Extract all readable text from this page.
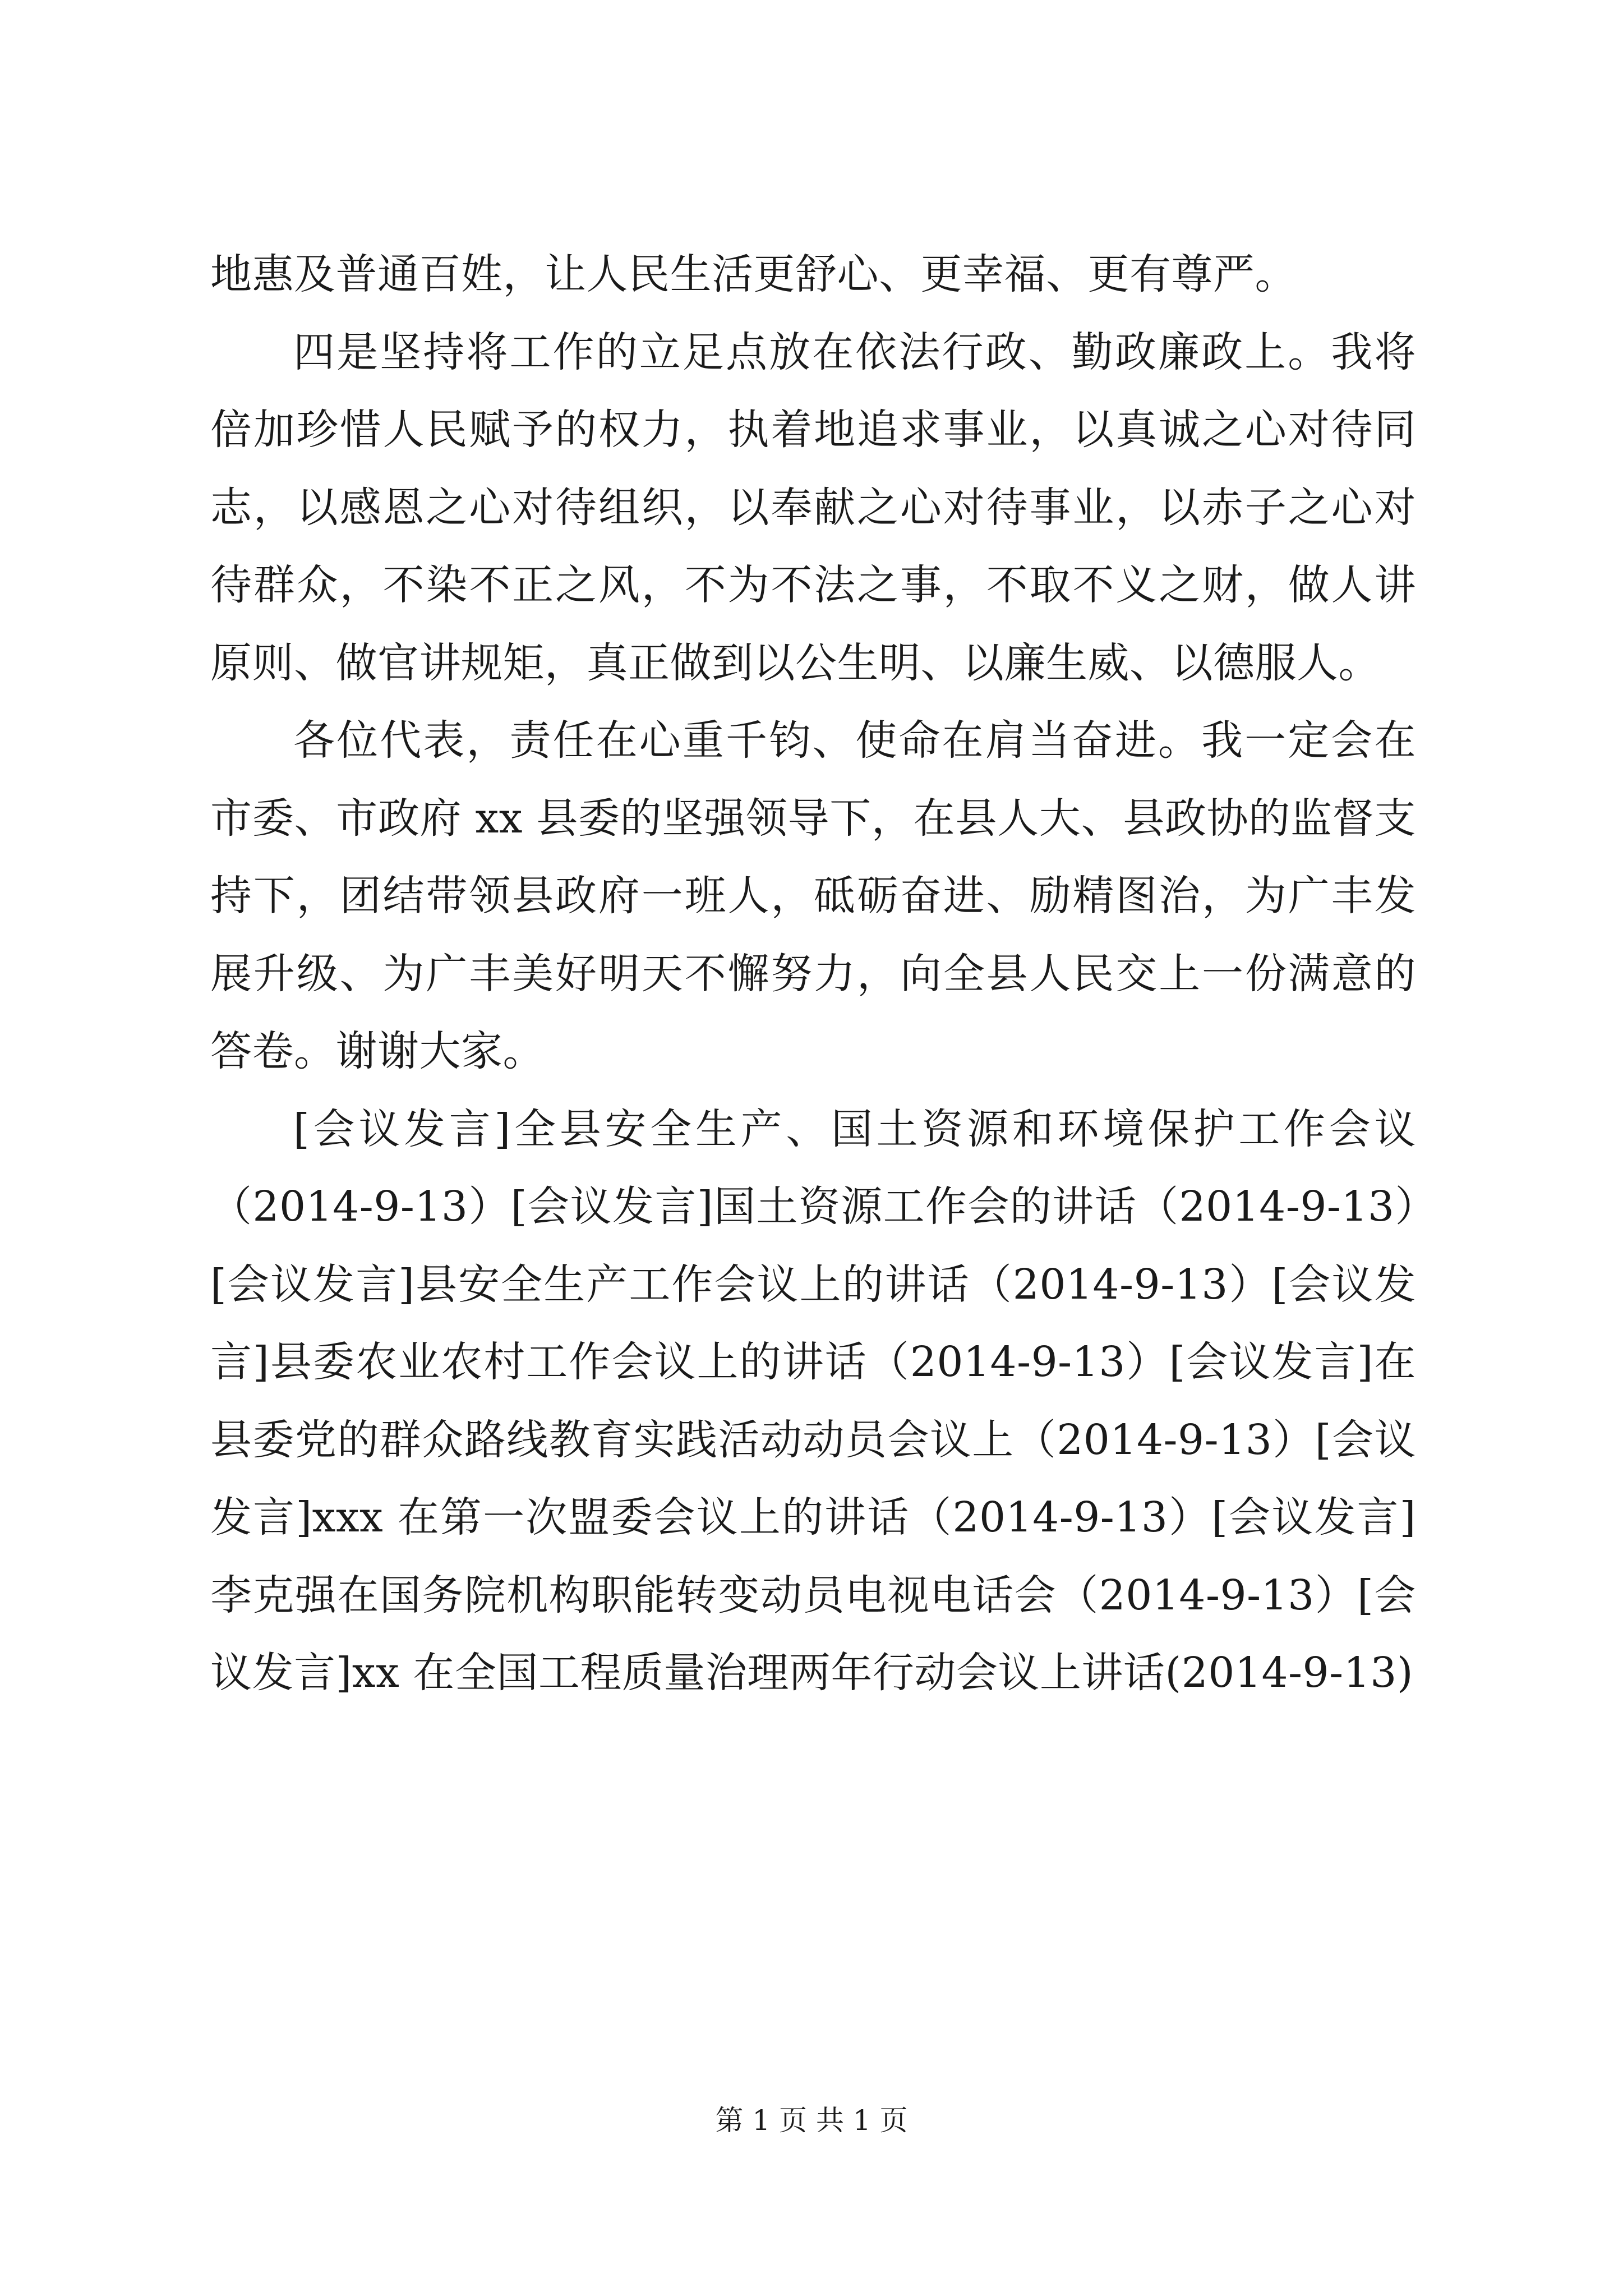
地惠及普通百姓，让人民生活更舒心、更幸福、更有尊严。

四是坚持将工作的立足点放在依法行政、勤政廉政上。我将倍加珍惜人民赋予的权力，执着地追求事业，以真诚之心对待同志，以感恩之心对待组织，以奉献之心对待事业，以赤子之心对待群众，不染不正之风，不为不法之事，不取不义之财，做人讲原则、做官讲规矩，真正做到以公生明、以廉生威、以德服人。

各位代表，责任在心重千钧、使命在肩当奋进。我一定会在市委、市政府 xx 县委的坚强领导下，在县人大、县政协的监督支持下，团结带领县政府一班人，砥砺奋进、励精图治，为广丰发展升级、为广丰美好明天不懈努力，向全县人民交上一份满意的答卷。谢谢大家。

[会议发言]全县安全生产、国土资源和环境保护工作会议（2014-9-13）[会议发言]国土资源工作会的讲话（2014-9-13）[会议发言]县安全生产工作会议上的讲话（2014-9-13）[会议发言]县委农业农村工作会议上的讲话（2014-9-13）[会议发言]在县委党的群众路线教育实践活动动员会议上（2014-9-13）[会议发言]xxx 在第一次盟委会议上的讲话（2014-9-13）[会议发言]李克强在国务院机构职能转变动员电视电话会（2014-9-13）[会议发言]xx 在全国工程质量治理两年行动会议上讲话(2014-9-13)

第 1 页 共 1 页
